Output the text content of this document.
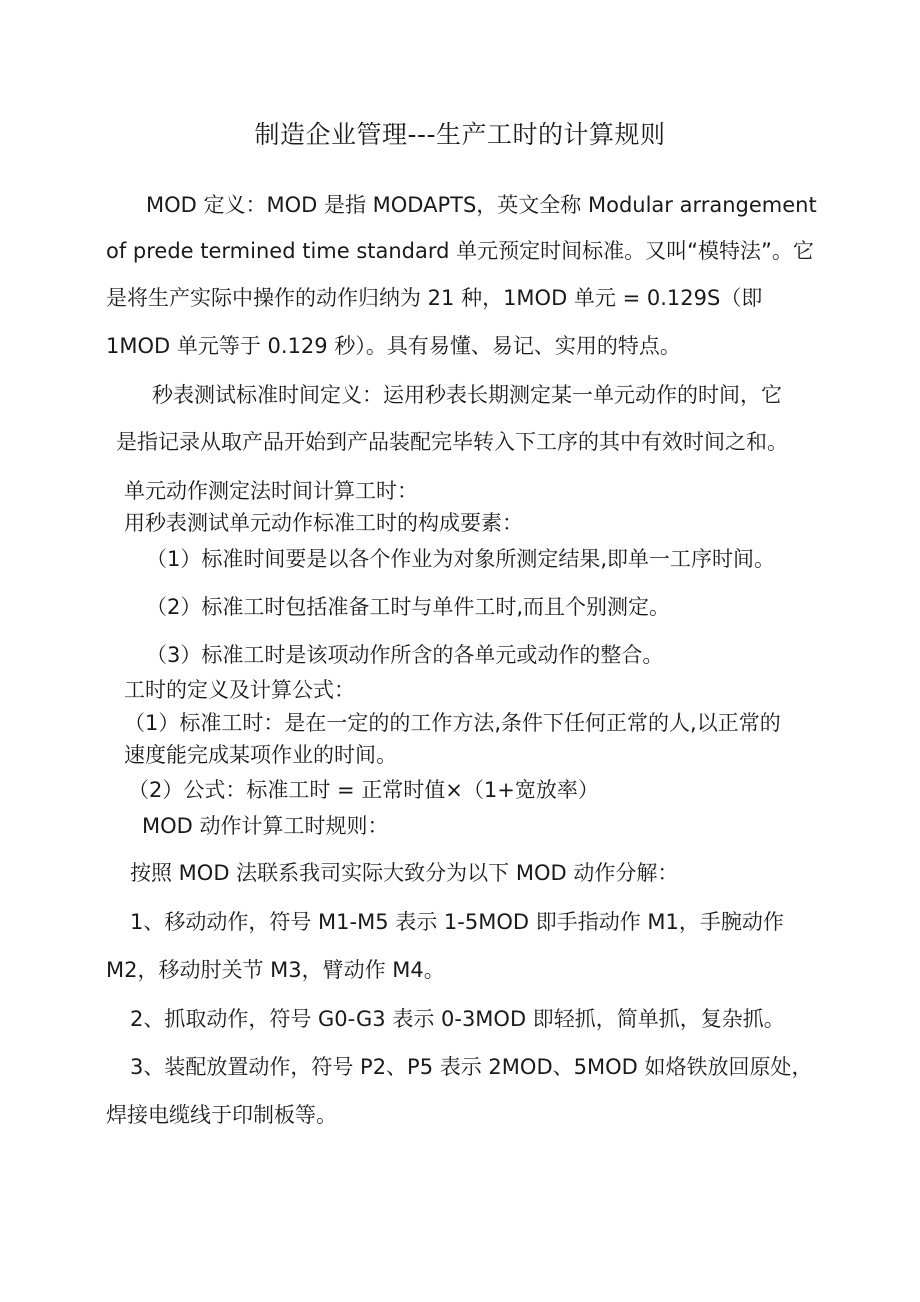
制造企业管理---生产工时的计算规则
MOD 定义：MOD 是指 MODAPTS，英文全称 Modular arrangement
of prede termined time standard 单元预定时间标准。又叫“模特法”。它
是将生产实际中操作的动作归纳为 21 种，1MOD 单元 = 0.129S（即
1MOD 单元等于 0.129 秒）。具有易懂、易记、实用的特点。
秒表测试标准时间定义：运用秒表长期测定某一单元动作的时间，它
是指记录从取产品开始到产品装配完毕转入下工序的其中有效时间之和。
单元动作测定法时间计算工时：
用秒表测试单元动作标准工时的构成要素：
（1）标准时间要是以各个作业为对象所测定结果,即单一工序时间。
（2）标准工时包括准备工时与单件工时,而且个别测定。
（3）标准工时是该项动作所含的各单元或动作的整合。
工时的定义及计算公式：
（1）标准工时：是在一定的的工作方法,条件下任何正常的人,以正常的
速度能完成某项作业的时间。
（2）公式：标准工时 = 正常时值×（1+宽放率）
MOD 动作计算工时规则：
按照 MOD 法联系我司实际大致分为以下 MOD 动作分解：
1、移动动作，符号 M1-M5 表示 1-5MOD 即手指动作 M1，手腕动作
M2，移动肘关节 M3，臂动作 M4。
2、抓取动作，符号 G0-G3 表示 0-3MOD 即轻抓，简单抓，复杂抓。
3、装配放置动作，符号 P2、P5 表示 2MOD、5MOD 如烙铁放回原处，
焊接电缆线于印制板等。
